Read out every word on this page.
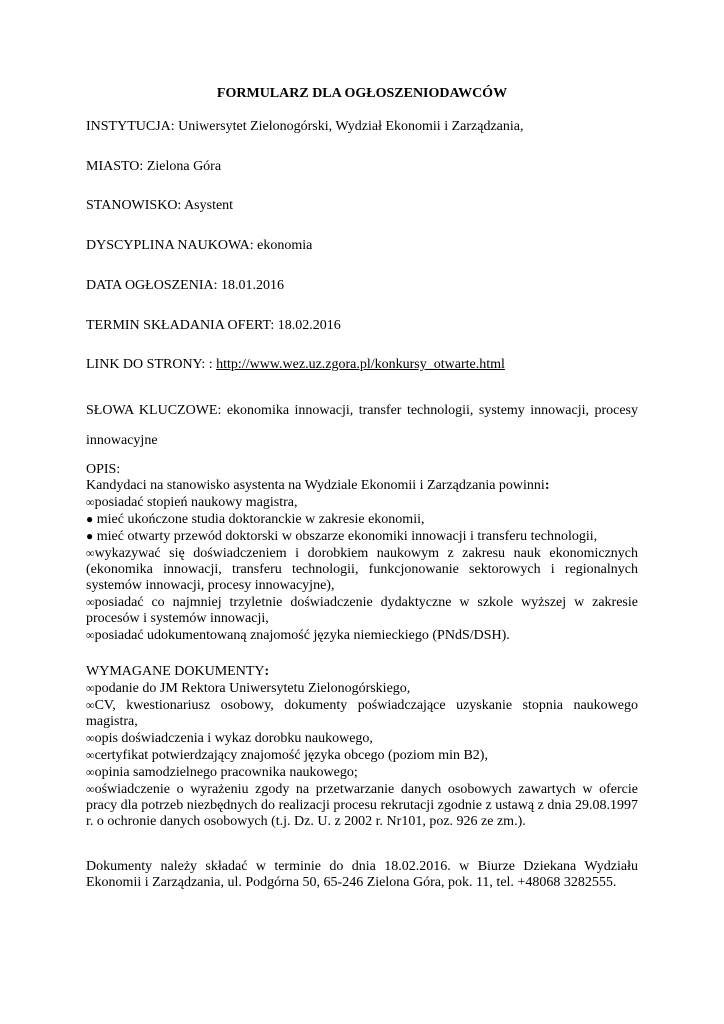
FORMULARZ DLA OGŁOSZENIODAWCÓW
INSTYTUCJA: Uniwersytet Zielonogórski, Wydział Ekonomii i Zarządzania,
MIASTO: Zielona Góra
STANOWISKO: Asystent
DYSCYPLINA NAUKOWA: ekonomia
DATA OGŁOSZENIA: 18.01.2016
TERMIN SKŁADANIA OFERT: 18.02.2016
LINK DO STRONY: : http://www.wez.uz.zgora.pl/konkursy_otwarte.html
SŁOWA KLUCZOWE: ekonomika innowacji, transfer technologii, systemy innowacji, procesy innowacyjne

OPIS:

Kandydaci na stanowisko asystenta na Wydziale Ekonomii i Zarządzania powinni:

∞posiadać stopień naukowy magistra,

● mieć ukończone studia doktoranckie w zakresie ekonomii,

● mieć otwarty przewód doktorski w obszarze ekonomiki innowacji i transferu technologii,

∞wykazywać się doświadczeniem i dorobkiem naukowym z zakresu nauk ekonomicznych (ekonomika innowacji, transferu technologii, funkcjonowanie sektorowych i regionalnych systemów innowacji, procesy innowacyjne),

∞posiadać co najmniej trzyletnie doświadczenie dydaktyczne w szkole wyższej w zakresie procesów i systemów innowacji,

∞posiadać udokumentowaną znajomość języka niemieckiego (PNdS/DSH).

WYMAGANE DOKUMENTY:

∞podanie do JM Rektora Uniwersytetu Zielonogórskiego,

∞CV, kwestionariusz osobowy, dokumenty poświadczające uzyskanie stopnia naukowego magistra,

∞opis doświadczenia i wykaz dorobku naukowego,

∞certyfikat potwierdzający znajomość języka obcego (poziom min B2),

∞opinia samodzielnego pracownika naukowego;

∞oświadczenie o wyrażeniu zgody na przetwarzanie danych osobowych zawartych w ofercie pracy dla potrzeb niezbędnych do realizacji procesu rekrutacji zgodnie z ustawą z dnia 29.08.1997 r. o ochronie danych osobowych (t.j. Dz. U. z 2002 r. Nr101, poz. 926 ze zm.).

Dokumenty należy składać w terminie do dnia 18.02.2016. w Biurze Dziekana Wydziału Ekonomii i Zarządzania, ul. Podgórna 50, 65-246 Zielona Góra, pok. 11, tel. +48068 3282555.
